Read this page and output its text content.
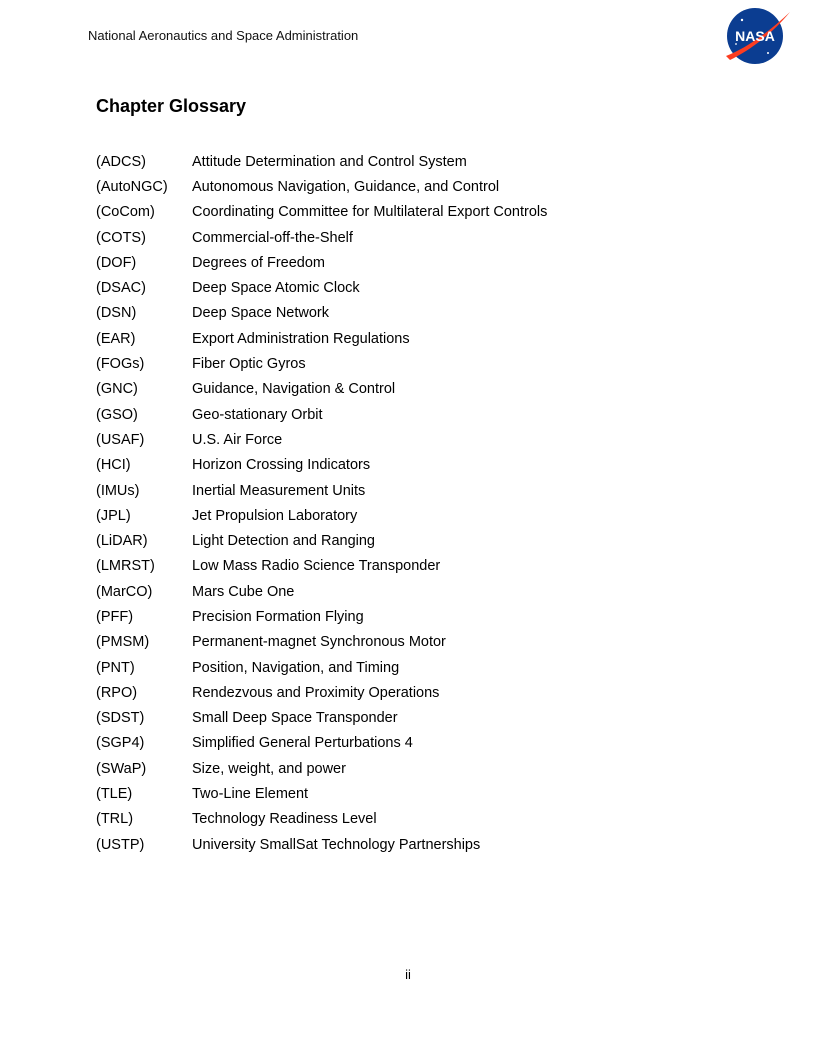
National Aeronautics and Space Administration	NASA
Chapter Glossary
(ADCS)	Attitude Determination and Control System
(AutoNGC)	Autonomous Navigation, Guidance, and Control
(CoCom)	Coordinating Committee for Multilateral Export Controls
(COTS)	Commercial-off-the-Shelf
(DOF)	Degrees of Freedom
(DSAC)	Deep Space Atomic Clock
(DSN)	Deep Space Network
(EAR)	Export Administration Regulations
(FOGs)	Fiber Optic Gyros
(GNC)	Guidance, Navigation & Control
(GSO)	Geo-stationary Orbit
(USAF)	U.S. Air Force
(HCI)	Horizon Crossing Indicators
(IMUs)	Inertial Measurement Units
(JPL)	Jet Propulsion Laboratory
(LiDAR)	Light Detection and Ranging
(LMRST)	Low Mass Radio Science Transponder
(MarCO)	Mars Cube One
(PFF)	Precision Formation Flying
(PMSM)	Permanent-magnet Synchronous Motor
(PNT)	Position, Navigation, and Timing
(RPO)	Rendezvous and Proximity Operations
(SDST)	Small Deep Space Transponder
(SGP4)	Simplified General Perturbations 4
(SWaP)	Size, weight, and power
(TLE)	Two-Line Element
(TRL)	Technology Readiness Level
(USTP)	University SmallSat Technology Partnerships
ii
